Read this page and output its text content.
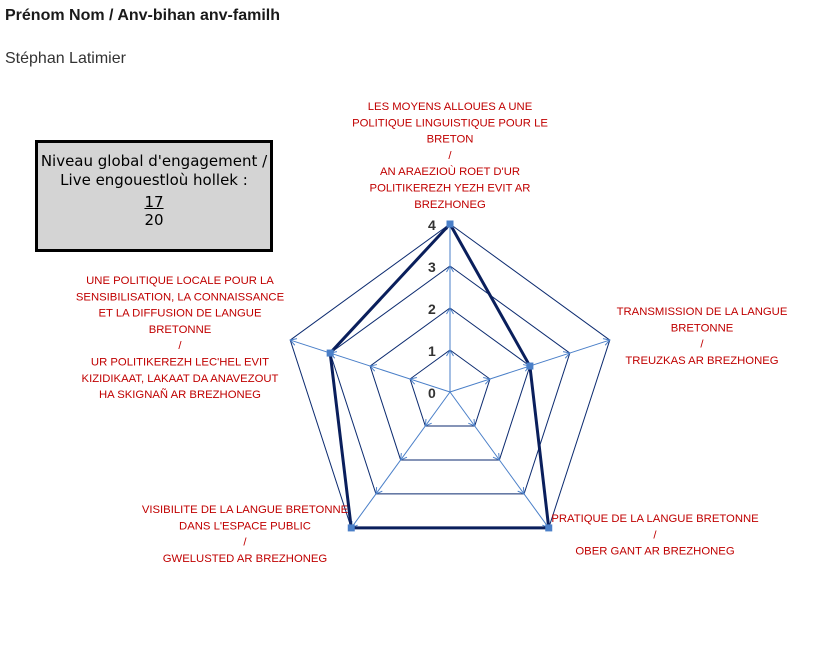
Prénom Nom / Anv-bihan anv-familh
Stéphan Latimier
Niveau global d'engagement /
Live engouestloù hollek :
17
20
0
1
2
3
4
LES MOYENS ALLOUES A UNE POLITIQUE LINGUISTIQUE POUR LE BRETON / AN ARAEZIOÙ ROET D'UR POLITIKEREZH YEZH EVIT AR BREZHONEG
TRANSMISSION DE LA LANGUE BRETONNE / TREUZKAS AR BREZHONEG
PRATIQUE DE LA LANGUE BRETONNE / OBER GANT AR BREZHONEG
VISIBILITE DE LA LANGUE BRETONNE DANS L'ESPACE PUBLIC / GWELUSTED AR BREZHONEG
UNE POLITIQUE LOCALE POUR LA SENSIBILISATION, LA CONNAISSANCE ET LA DIFFUSION DE LANGUE BRETONNE / UR POLITIKEREZH LEC'HEL EVIT KIZIDIKAAT, LAKAAT DA ANAVEZOUT HA SKIGNAÑ AR BREZHONEG
